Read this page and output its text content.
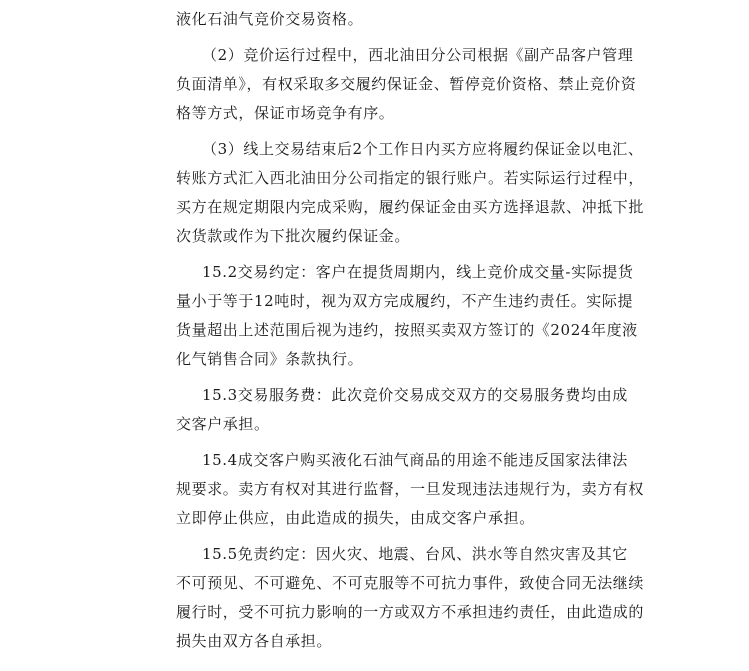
液化石油气竞价交易资格。
（2）竞价运行过程中，西北油田分公司根据《副产品客户管理
负面清单》，有权采取多交履约保证金、暂停竞价资格、禁止竞价资
格等方式，保证市场竞争有序。
（3）线上交易结束后2个工作日内买方应将履约保证金以电汇、
转账方式汇入西北油田分公司指定的银行账户。若实际运行过程中，
买方在规定期限内完成采购，履约保证金由买方选择退款、冲抵下批
次货款或作为下批次履约保证金。
15.2交易约定：客户在提货周期内，线上竞价成交量-实际提货
量小于等于12吨时，视为双方完成履约，不产生违约责任。实际提
货量超出上述范围后视为违约，按照买卖双方签订的《2024年度液
化气销售合同》条款执行。
15.3交易服务费：此次竞价交易成交双方的交易服务费均由成
交客户承担。
15.4成交客户购买液化石油气商品的用途不能违反国家法律法
规要求。卖方有权对其进行监督，一旦发现违法违规行为，卖方有权
立即停止供应，由此造成的损失，由成交客户承担。
15.5免责约定：因火灾、地震、台风、洪水等自然灾害及其它
不可预见、不可避免、不可克服等不可抗力事件，致使合同无法继续
履行时，受不可抗力影响的一方或双方不承担违约责任，由此造成的
损失由双方各自承担。
